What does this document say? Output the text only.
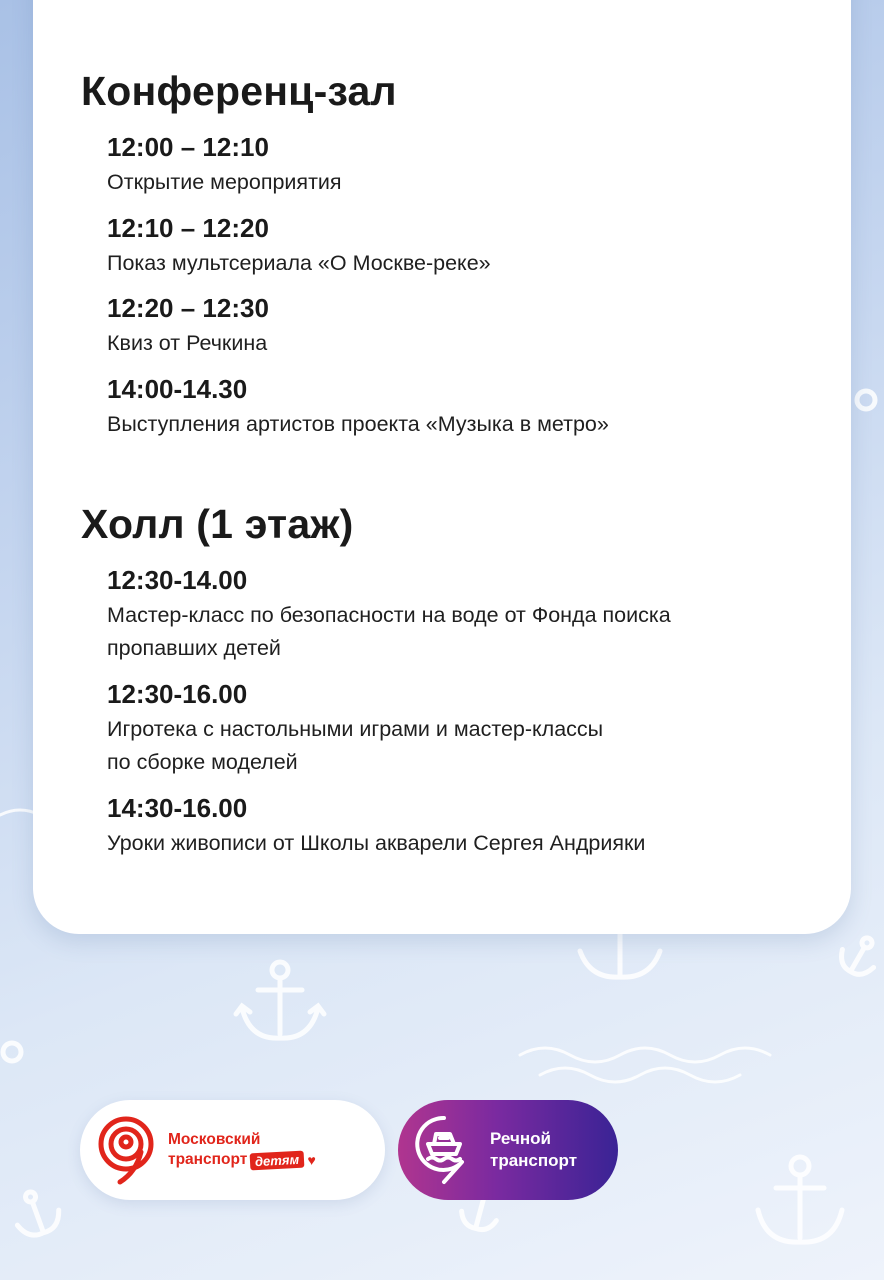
Конференц-зал
12:00 – 12:10
Открытие мероприятия
12:10 – 12:20
Показ мультсериала «О Москве-реке»
12:20 – 12:30
Квиз от Речкина
14:00-14.30
Выступления артистов проекта «Музыка в метро»
Холл (1 этаж)
12:30-14.00
Мастер-класс по безопасности на воде от Фонда поиска
пропавших детей
12:30-16.00
Игротека с настольными играми и мастер-классы
по сборке моделей
14:30-16.00
Уроки живописи от Школы акварели Сергея Андрияки
Московский
транспорт детям ♥
Речной
транспорт
